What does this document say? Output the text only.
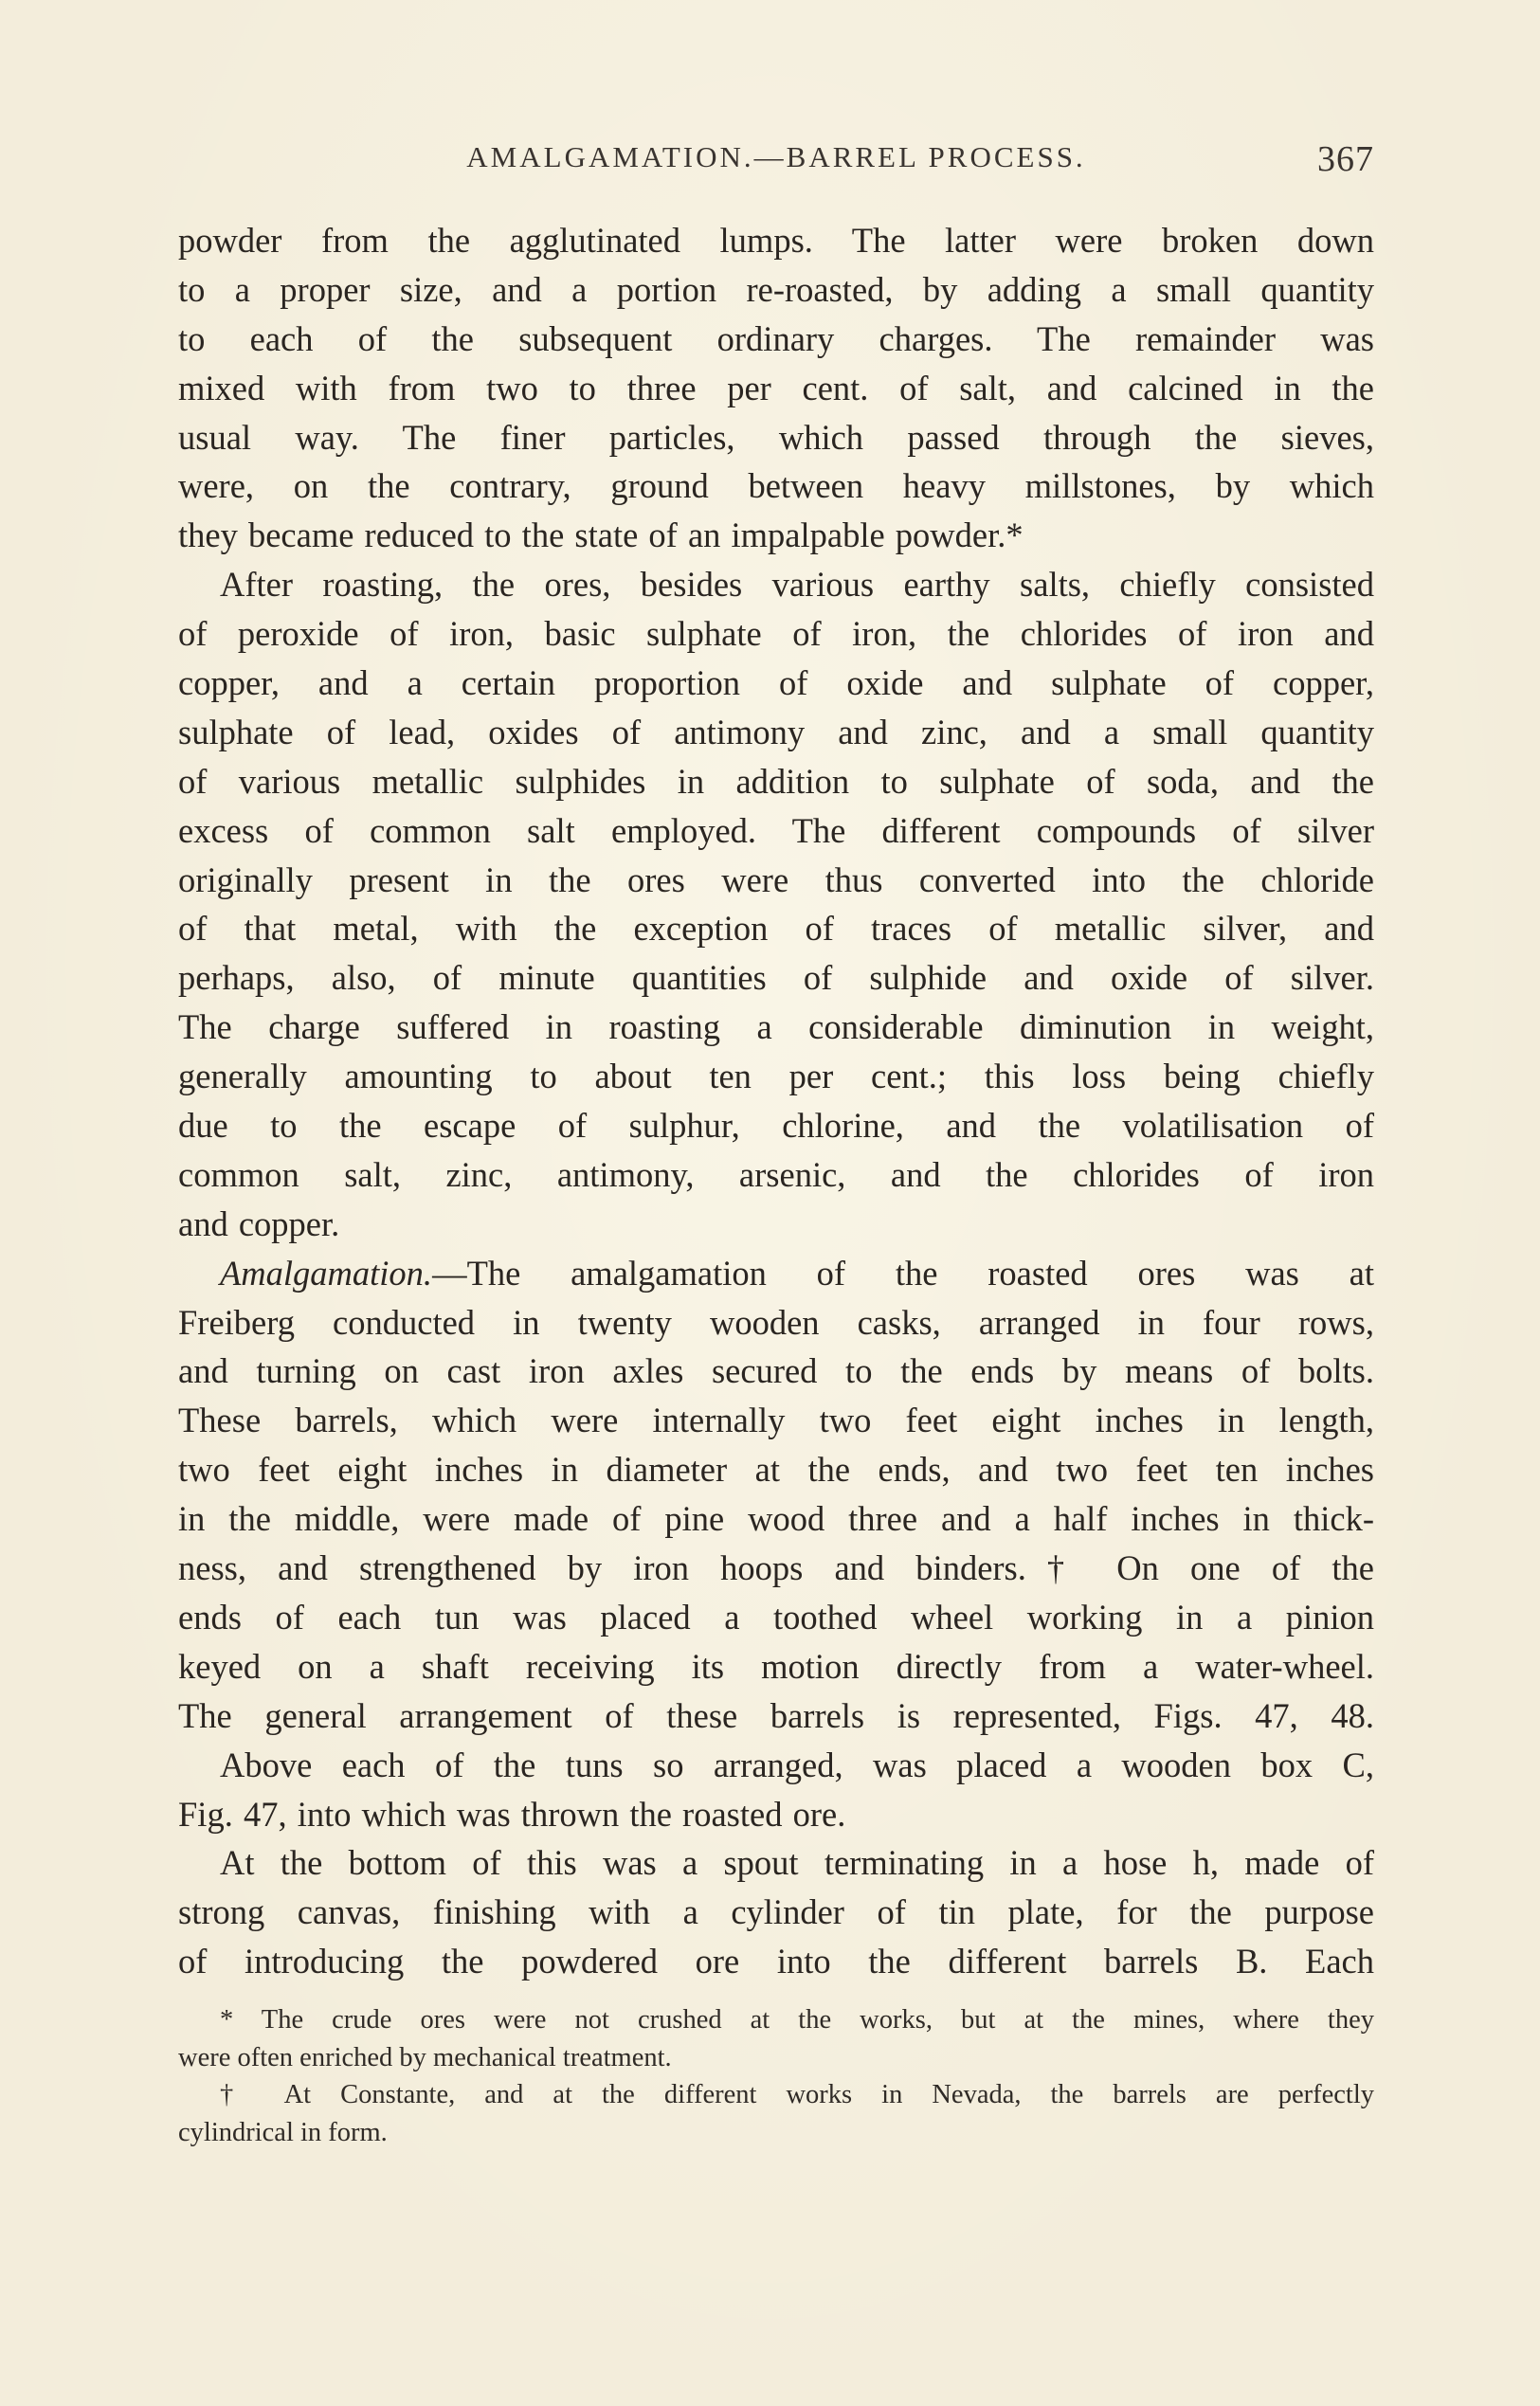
AMALGAMATION.—BARREL PROCESS.	367
powder from the agglutinated lumps. The latter were broken down
to a proper size, and a portion re-roasted, by adding a small quantity
to each of the subsequent ordinary charges. The remainder was
mixed with from two to three per cent. of salt, and calcined in the
usual way. The finer particles, which passed through the sieves,
were, on the contrary, ground between heavy millstones, by which
they became reduced to the state of an impalpable powder.*
After roasting, the ores, besides various earthy salts, chiefly consisted
of peroxide of iron, basic sulphate of iron, the chlorides of iron and
copper, and a certain proportion of oxide and sulphate of copper,
sulphate of lead, oxides of antimony and zinc, and a small quantity
of various metallic sulphides in addition to sulphate of soda, and the
excess of common salt employed. The different compounds of silver
originally present in the ores were thus converted into the chloride
of that metal, with the exception of traces of metallic silver, and
perhaps, also, of minute quantities of sulphide and oxide of silver.
The charge suffered in roasting a considerable diminution in weight,
generally amounting to about ten per cent.; this loss being chiefly
due to the escape of sulphur, chlorine, and the volatilisation of
common salt, zinc, antimony, arsenic, and the chlorides of iron
and copper.
Amalgamation.—The amalgamation of the roasted ores was at
Freiberg conducted in twenty wooden casks, arranged in four rows,
and turning on cast iron axles secured to the ends by means of bolts.
These barrels, which were internally two feet eight inches in length,
two feet eight inches in diameter at the ends, and two feet ten inches
in the middle, were made of pine wood three and a half inches in thick-
ness, and strengthened by iron hoops and binders.† On one of the
ends of each tun was placed a toothed wheel working in a pinion
keyed on a shaft receiving its motion directly from a water-wheel.
The general arrangement of these barrels is represented, Figs. 47, 48.
Above each of the tuns so arranged, was placed a wooden box C,
Fig. 47, into which was thrown the roasted ore.
At the bottom of this was a spout terminating in a hose h, made of
strong canvas, finishing with a cylinder of tin plate, for the purpose
of introducing the powdered ore into the different barrels B. Each
* The crude ores were not crushed at the works, but at the mines, where they
were often enriched by mechanical treatment.
† At Constante, and at the different works in Nevada, the barrels are perfectly
cylindrical in form.
